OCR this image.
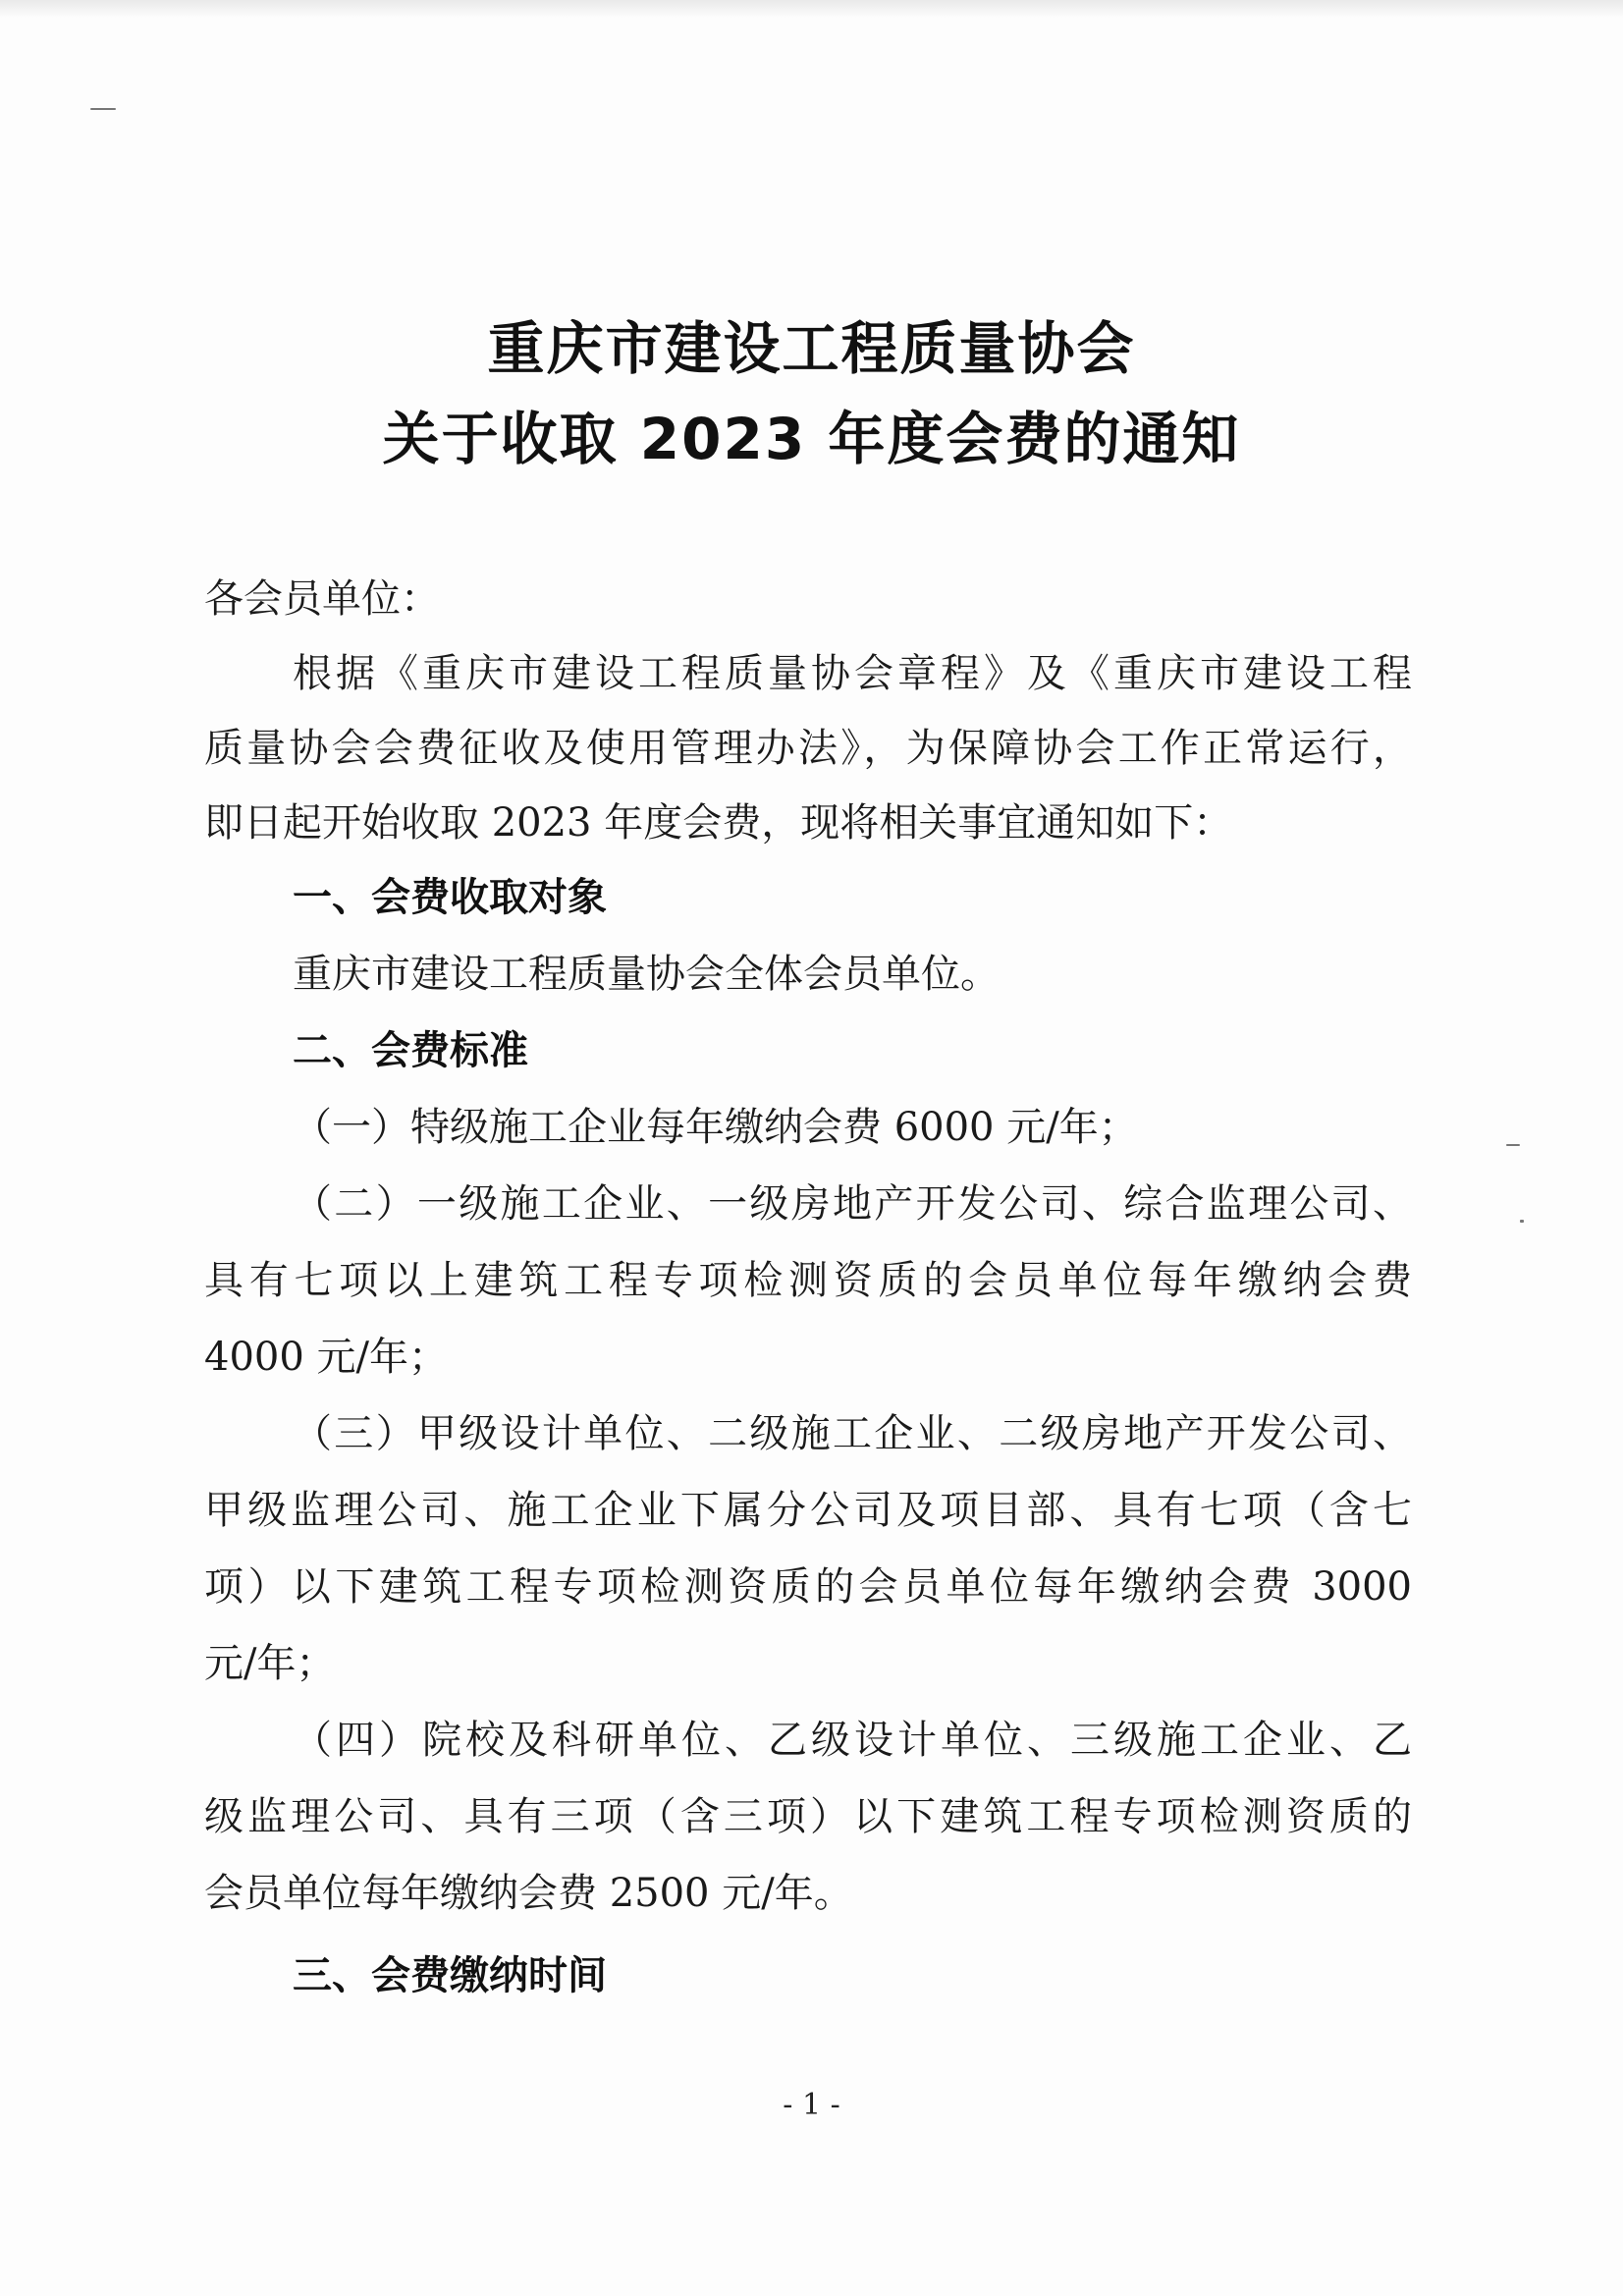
重庆市建设工程质量协会
关于收取 2023 年度会费的通知
各会员单位：
根据《重庆市建设工程质量协会章程》及《重庆市建设工程
质量协会会费征收及使用管理办法》，为保障协会工作正常运行，
即日起开始收取 2023 年度会费，现将相关事宜通知如下：
一、会费收取对象
重庆市建设工程质量协会全体会员单位。
二、会费标准
（一）特级施工企业每年缴纳会费 6000 元/年；
（二）一级施工企业、一级房地产开发公司、综合监理公司、
具有七项以上建筑工程专项检测资质的会员单位每年缴纳会费
4000 元/年；
（三）甲级设计单位、二级施工企业、二级房地产开发公司、
甲级监理公司、施工企业下属分公司及项目部、具有七项（含七
项）以下建筑工程专项检测资质的会员单位每年缴纳会费 3000
元/年；
（四）院校及科研单位、乙级设计单位、三级施工企业、乙
级监理公司、具有三项（含三项）以下建筑工程专项检测资质的
会员单位每年缴纳会费 2500 元/年。
三、会费缴纳时间
- 1 -
